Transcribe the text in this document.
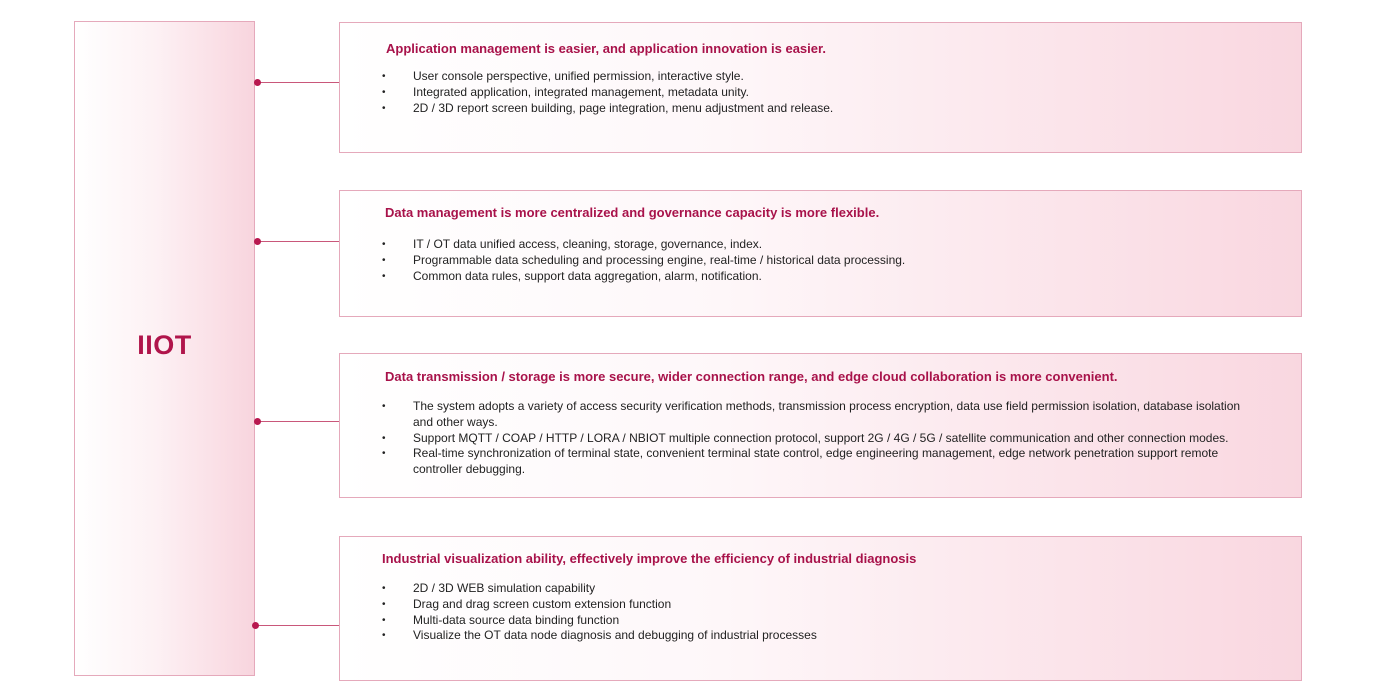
IIOT
Application management is easier, and application innovation is easier.
• User console perspective, unified permission, interactive style.
• Integrated application, integrated management, metadata unity.
• 2D / 3D report screen building, page integration, menu adjustment and release.
Data management is more centralized and governance capacity is more flexible.
• IT / OT data unified access, cleaning, storage, governance, index.
• Programmable data scheduling and processing engine, real-time / historical data processing.
• Common data rules, support data aggregation, alarm, notification.
Data transmission / storage is more secure, wider connection range, and edge cloud collaboration is more convenient.
• The system adopts a variety of access security verification methods, transmission process encryption, data use field permission isolation, database isolation and other ways.
• Support MQTT / COAP / HTTP / LORA / NBIOT multiple connection protocol, support 2G / 4G / 5G / satellite communication and other connection modes.
• Real-time synchronization of terminal state, convenient terminal state control, edge engineering management, edge network penetration support remote controller debugging.
Industrial visualization ability, effectively improve the efficiency of industrial diagnosis
• 2D / 3D WEB simulation capability
• Drag and drag screen custom extension function
• Multi-data source data binding function
• Visualize the OT data node diagnosis and debugging of industrial processes
